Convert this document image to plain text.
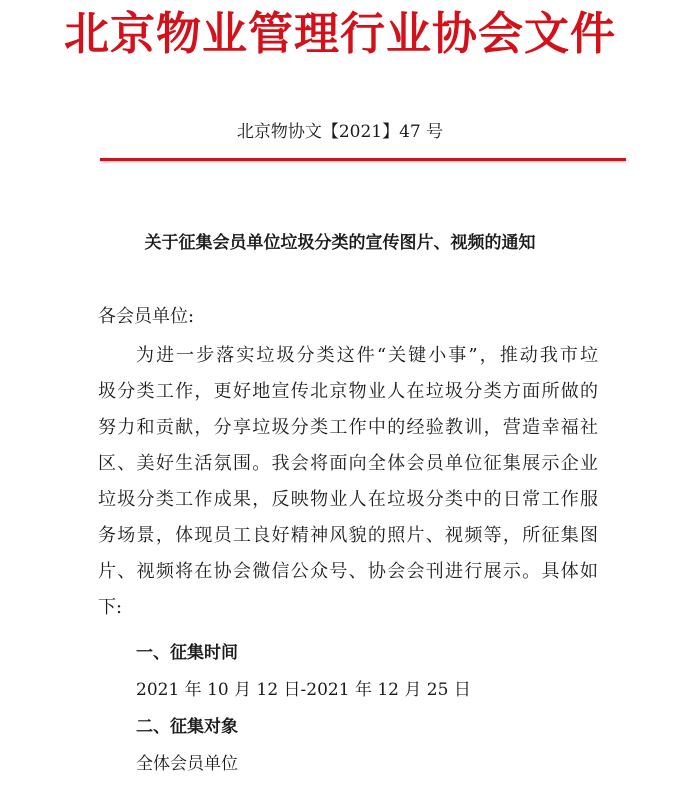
北京物业管理行业协会文件
北京物协文【2021】47 号
关于征集会员单位垃圾分类的宣传图片、视频的通知
各会员单位:
为进一步落实垃圾分类这件“关键小事”，推动我市垃
圾分类工作，更好地宣传北京物业人在垃圾分类方面所做的
努力和贡献，分享垃圾分类工作中的经验教训，营造幸福社
区、美好生活氛围。我会将面向全体会员单位征集展示企业
垃圾分类工作成果，反映物业人在垃圾分类中的日常工作服
务场景，体现员工良好精神风貌的照片、视频等，所征集图
片、视频将在协会微信公众号、协会会刊进行展示。具体如
下:
一、征集时间
2021 年 10 月 12 日-2021 年 12 月 25 日
二、征集对象
全体会员单位
